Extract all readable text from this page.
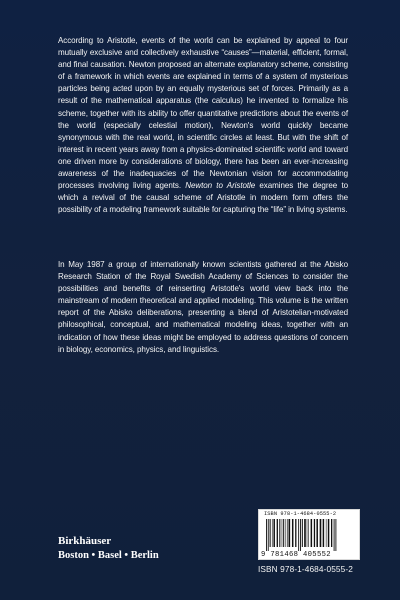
According to Aristotle, events of the world can be explained by appeal to four mutually exclusive and collectively exhaustive “causes”—material, efficient, formal, and final causation. Newton proposed an alternate explanatory scheme, consisting of a framework in which events are explained in terms of a system of mysterious particles being acted upon by an equally mysterious set of forces. Primarily as a result of the mathematical apparatus (the calculus) he invented to formalize his scheme, together with its ability to offer quantitative predictions about the events of the world (especially celestial motion), Newton's world quickly became synonymous with the real world, in scientific circles at least. But with the shift of interest in recent years away from a physics-dominated scientific world and toward one driven more by considerations of biology, there has been an ever-increasing awareness of the inadequacies of the Newtonian vision for accommodating processes involving living agents. Newton to Aristotle examines the degree to which a revival of the causal scheme of Aristotle in modern form offers the possibility of a modeling framework suitable for capturing the “life” in living systems.

In May 1987 a group of internationally known scientists gathered at the Abisko Research Station of the Royal Swedish Academy of Sciences to consider the possibilities and benefits of reinserting Aristotle's world view back into the mainstream of modern theoretical and applied modeling. This volume is the written report of the Abisko deliberations, presenting a blend of Aristotelian-motivated philosophical, conceptual, and mathematical modeling ideas, together with an indication of how these ideas might be employed to address questions of concern in biology, economics, physics, and linguistics.

ISBN 978-1-4684-0555-2
9 781468 405552
Birkhäuser
Boston • Basel • Berlin
ISBN 978-1-4684-0555-2
